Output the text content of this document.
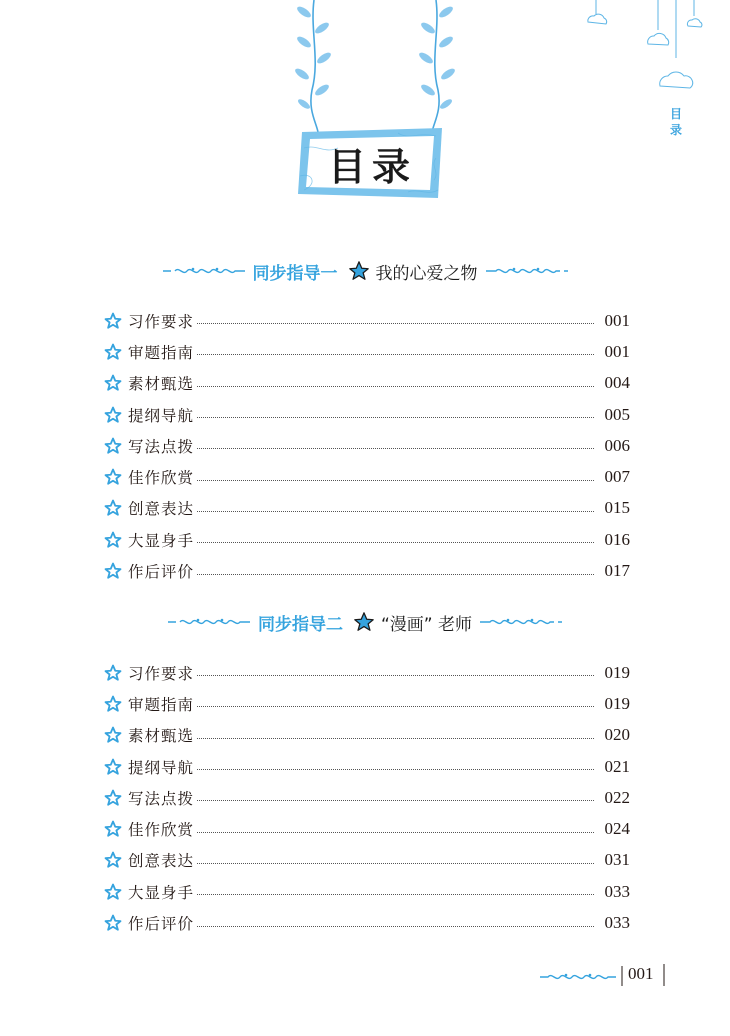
目录
目
录
同步指导一 我的心爱之物
习作要求	001
审题指南	001
素材甄选	004
提纲导航	005
写法点拨	006
佳作欣赏	007
创意表达	015
大显身手	016
作后评价	017
同步指导二 “漫画” 老师
习作要求	019
审题指南	019
素材甄选	020
提纲导航	021
写法点拨	022
佳作欣赏	024
创意表达	031
大显身手	033
作后评价	033
001
